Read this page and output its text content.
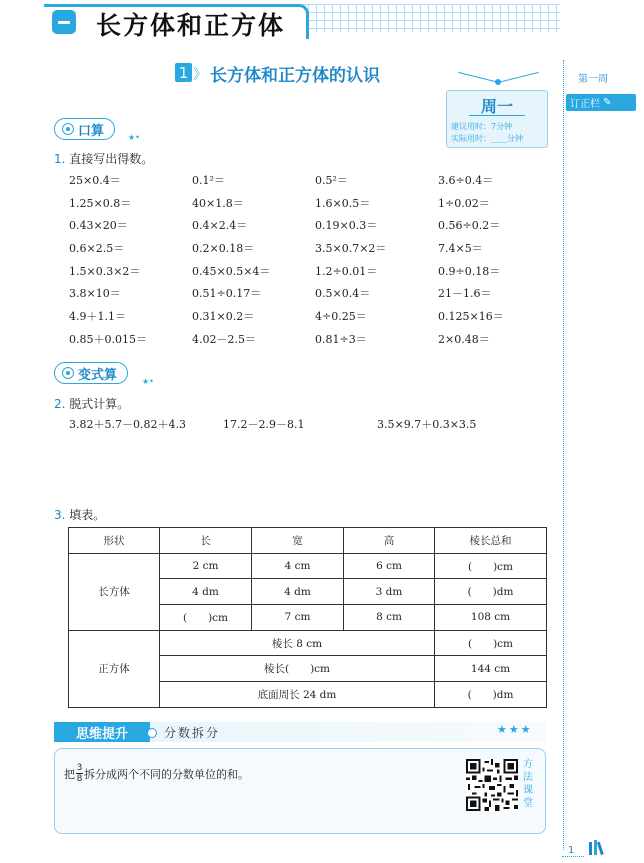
长方体和正方体
1 》 长方体和正方体的认识
周一
建议用时：7分钟
实际用时：____分钟
口算	★•
1. 直接写出得数。
25×0.4＝	0.1²＝	0.5²＝	3.6÷0.4＝
1.25×0.8＝	40×1.8＝	1.6×0.5＝	1÷0.02＝
0.43×20＝	0.4×2.4＝	0.19×0.3＝	0.56÷0.2＝
0.6×2.5＝	0.2×0.18＝	3.5×0.7×2＝	7.4×5＝
1.5×0.3×2＝	0.45×0.5×4＝	1.2÷0.01＝	0.9÷0.18＝
3.8×10＝	0.51÷0.17＝	0.5×0.4＝	21－1.6＝
4.9＋1.1＝	0.31×0.2＝	4÷0.25＝	0.125×16＝
0.85＋0.015＝	4.02－2.5＝	0.81÷3＝	2×0.48＝
变式算	★•
2. 脱式计算。
3.82＋5.7－0.82＋4.3	17.2－2.9－8.1	3.5×9.7＋0.3×3.5
3. 填表。
形状	长	宽	高	棱长总和
长方体	2 cm	4 cm	6 cm	(　　)cm
	4 dm	4 dm	3 dm	(　　)dm
	(　　)cm	7 cm	8 cm	108 cm
正方体	棱长 8 cm			(　　)cm
	棱长(　　)cm			144 cm
	底面周长 24 dm			(　　)dm
思维提升	分数拆分	★★★
把 $\frac{3}{8}$ 拆分成两个不同的分数单位的和。
方法课堂
第一周
订正栏 ✎
1
